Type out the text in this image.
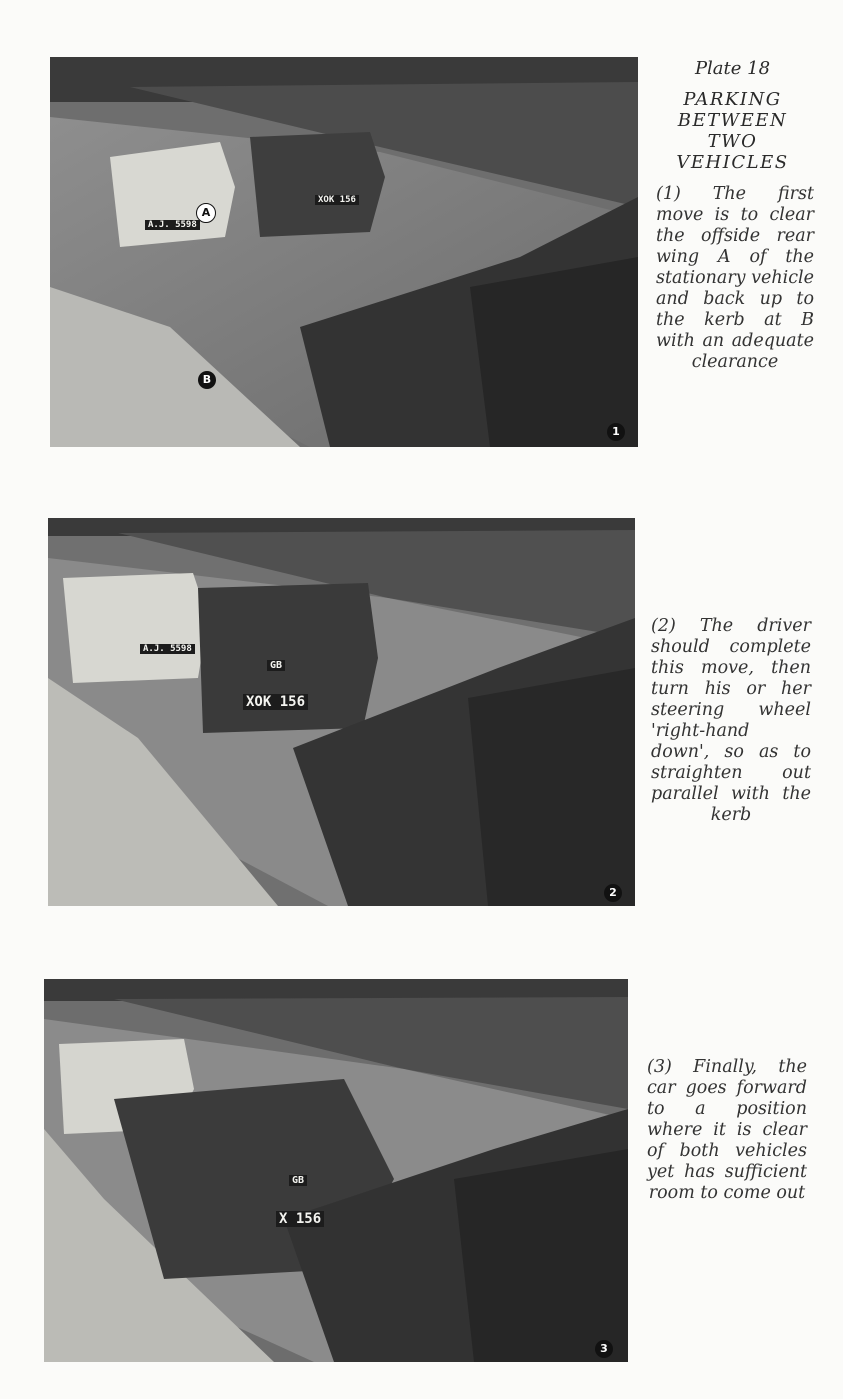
Plate 18
PARKING
BETWEEN
TWO
VEHICLES
A
B
A.J. 5598
XOK 156
1
(1) The first move is to clear the offside rear wing A of the stationary vehicle and back up to the kerb at B with an adequate clearance
A.J. 5598
GB
XOK 156
2
(2) The driver should complete this move, then turn his or her steering wheel 'right-hand down', so as to straighten out parallel with the kerb
GB
X 156
3
(3) Finally, the car goes forward to a position where it is clear of both vehicles yet has sufficient room to come out
